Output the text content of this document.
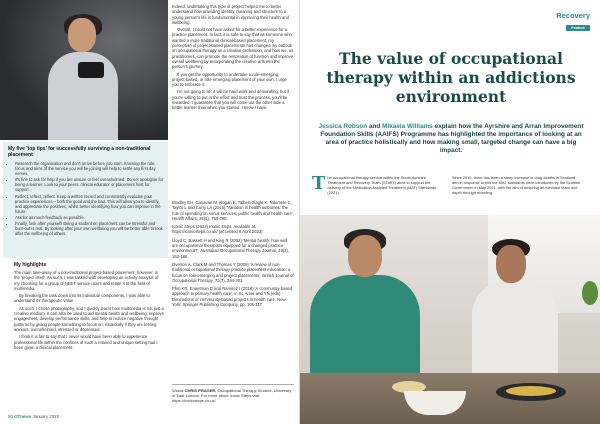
Indeed, undertaking this type of project helped me to better understand how providing identity, meaning and structure to a young person's life is fundamental in improving their health and wellbeing.

Overall, I could not have asked for a better experience for a practice placement. In fact, it is safe to say that as someone who wanted a more traditional clinical-based placement, my perception of project-based placements has changed my outlook on occupational therapy as a creative profession, and how we, as practitioners, can promote the restoration of function and improve overall wellbeing by incorporating the creative arts into the person's journey.

If you get the opportunity to undertake a role-emerging, project-based, or role-emerging placement of your own, I urge you to embrace it.

I'm not going to lie: it will be hard work and demanding, but if you're willing to put in the effort and trust the process, you'll be rewarded. I guarantee that you will come out the other side a better learner than when you started. I know I have.

Bradley EH, Canavan M, Rogan E, Talbert-Slagle K, Ndumele C, Taylor L and Curry LA (2016) 'Variation in health outcomes: the role of spending on social services, public health and health care', Health Affairs, 35(5), 760-768.

Iconic Steps (2023) Iconic steps. Available at: https://iconicsteps.co.uk/ (accessed 6 April 2023)

Lloyd C, Bassett H and King R (2002) 'Mental health: how well are occupational therapists equipped for a changed practice environment?', Australian Occupational Therapy Journal, 49(3), 163-166.

Overton A, Clark M and Thomas Y (2009) 'A review of non-traditional occupational therapy practice placement education: a focus on role-emerging and project placements', British Journal of Occupational Therapy, 72(7), 294-301.

Phiri KR, Enaetman D and Ramirez I (2018) 'A community-based approach to primary health care', in SL Amer and YN (eds) Dimensions of community-based projects in health care, New York: Springer Publishing Company, pp. 105-117.

My five 'top tips' for successfully surviving a non-traditional placement
• Research the organisation and don't arrive before you start. Knowing the role, focus and aims of the service you will be joining will help to settle any first day nerves.
• It's fine to ask for help if you are unsure or feel overwhelmed. Do not apologise for being a learner. Look to your peers, clinical educator or placement host for support.
• Reflect, reflect, reflect. Keep a written record and consistently evaluate your practice experiences – both the good and the bad. This will allow you to identify and appreciate the positives, whilst better identifying how you can improve in the future.
• Ask for as much feedback as possible.
• Finally, look after yourself! Being a student on placement can be stressful and burn-out is real. By looking after your own wellbeing you will be better able to look after the wellbeing of others.
My highlights

The main take-away of a non-traditional project-based placement, however, is the 'project itself'. As such, I was tasked with developing an activity analysis of my choosing for a group of NEET service users and relate it to the field of multimedia.

By breaking the task down into its individual components, I was able to understand its therapeutic value.

As such, I chose photography, and I quickly learnt how multimedia is not just a creative medium. It can also be used to aid mental health and wellbeing, improve engagement, develop performance skills, and help to reduce negative thought patterns by giving people something to focus on, especially if they are feeling anxious, overwhelmed, stressed or depressed.

I think it is fair to say that I never would have been able to experience professional life within the confines of such a relaxed and unique setting had I been given a clinical placement.

Words CHRIS PRAGER, Occupational Therapy Student, University of East London. For more about Iconic Steps visit https://iconicsteps.co.uk/
50 OTnews January 2025
Recovery
Feature
The value of occupational therapy within an addictions environment
Jessica Robson and Mikaela Williams explain how the Ayrshire and Arran Improvement Foundation Skills (AAIFS) Programme has highlighted the importance of looking at an area of practice holistically and how making small, targeted change can have a big impact.
The occupational therapy service within the South Ayrshire Treatment and Recovery Team (STaRT) aims to support the delivery of the Medication Assisted Treatment (MAT) Standards (2021).
Since 2019, there has been a steep increase in drug deaths in Scotland and in response to this the MAT standards were introduced by the Scottish Government in May 2021, with the aim of ensuring an elevated team and depth through enabling
